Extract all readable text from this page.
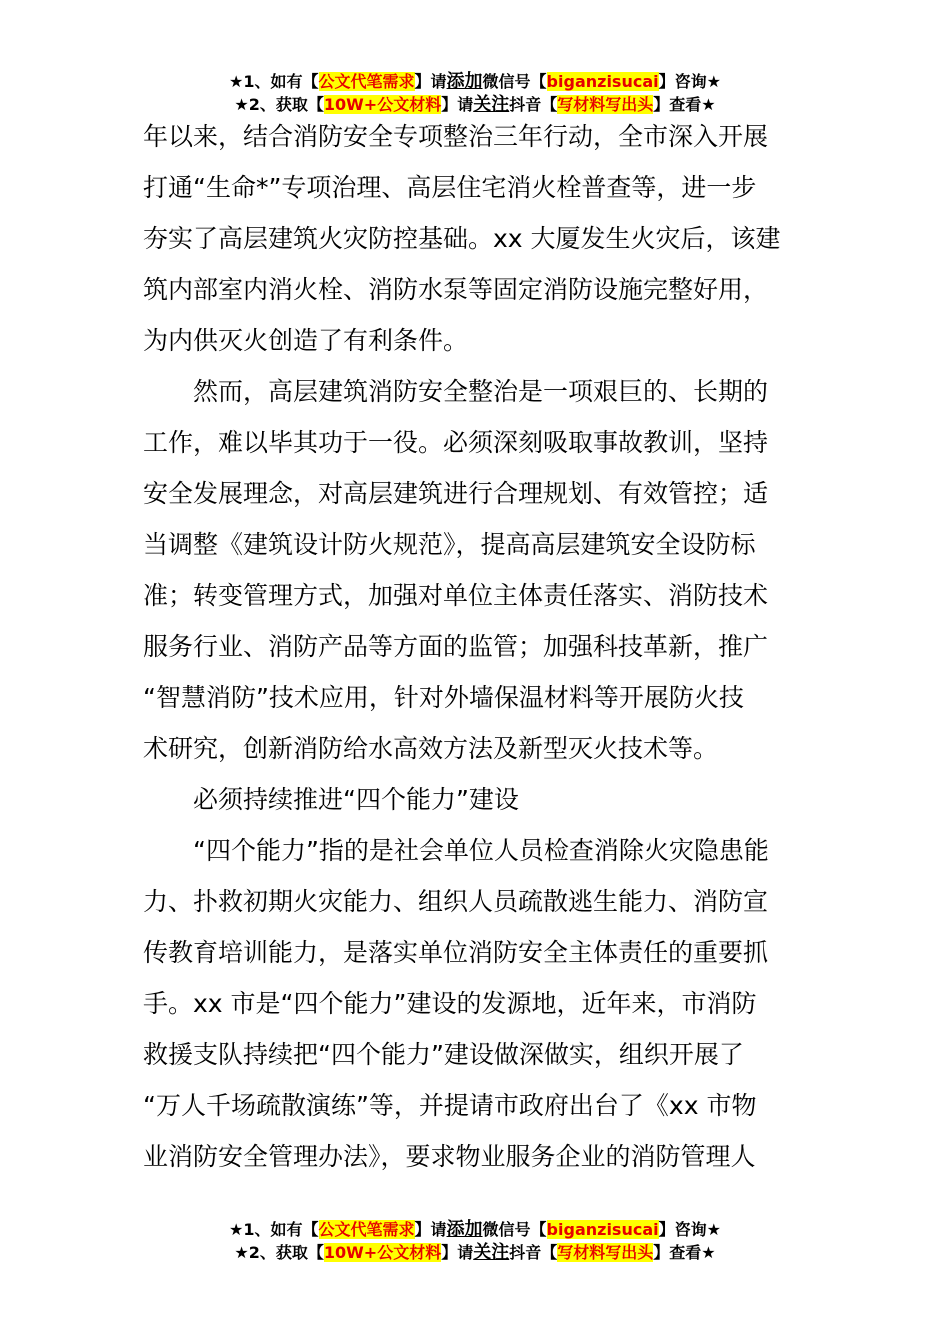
★1、如有【公文代笔需求】请添加微信号【biganzisucai】咨询★
★2、获取【10W+公文材料】请关注抖音【写材料写出头】查看★
年以来，结合消防安全专项整治三年行动，全市深入开展
打通“生命*”专项治理、高层住宅消火栓普查等，进一步
夯实了高层建筑火灾防控基础。xx 大厦发生火灾后，该建
筑内部室内消火栓、消防水泵等固定消防设施完整好用，
为内供灭火创造了有利条件。
然而，高层建筑消防安全整治是一项艰巨的、长期的
工作，难以毕其功于一役。必须深刻吸取事故教训，坚持
安全发展理念，对高层建筑进行合理规划、有效管控；适
当调整《建筑设计防火规范》，提高高层建筑安全设防标
准；转变管理方式，加强对单位主体责任落实、消防技术
服务行业、消防产品等方面的监管；加强科技革新，推广
“智慧消防”技术应用，针对外墙保温材料等开展防火技
术研究，创新消防给水高效方法及新型灭火技术等。
必须持续推进“四个能力”建设
“四个能力”指的是社会单位人员检查消除火灾隐患能
力、扑救初期火灾能力、组织人员疏散逃生能力、消防宣
传教育培训能力，是落实单位消防安全主体责任的重要抓
手。xx 市是“四个能力”建设的发源地，近年来，市消防
救援支队持续把“四个能力”建设做深做实，组织开展了
“万人千场疏散演练”等，并提请市政府出台了《xx 市物
业消防安全管理办法》，要求物业服务企业的消防管理人
★1、如有【公文代笔需求】请添加微信号【biganzisucai】咨询★
★2、获取【10W+公文材料】请关注抖音【写材料写出头】查看★
